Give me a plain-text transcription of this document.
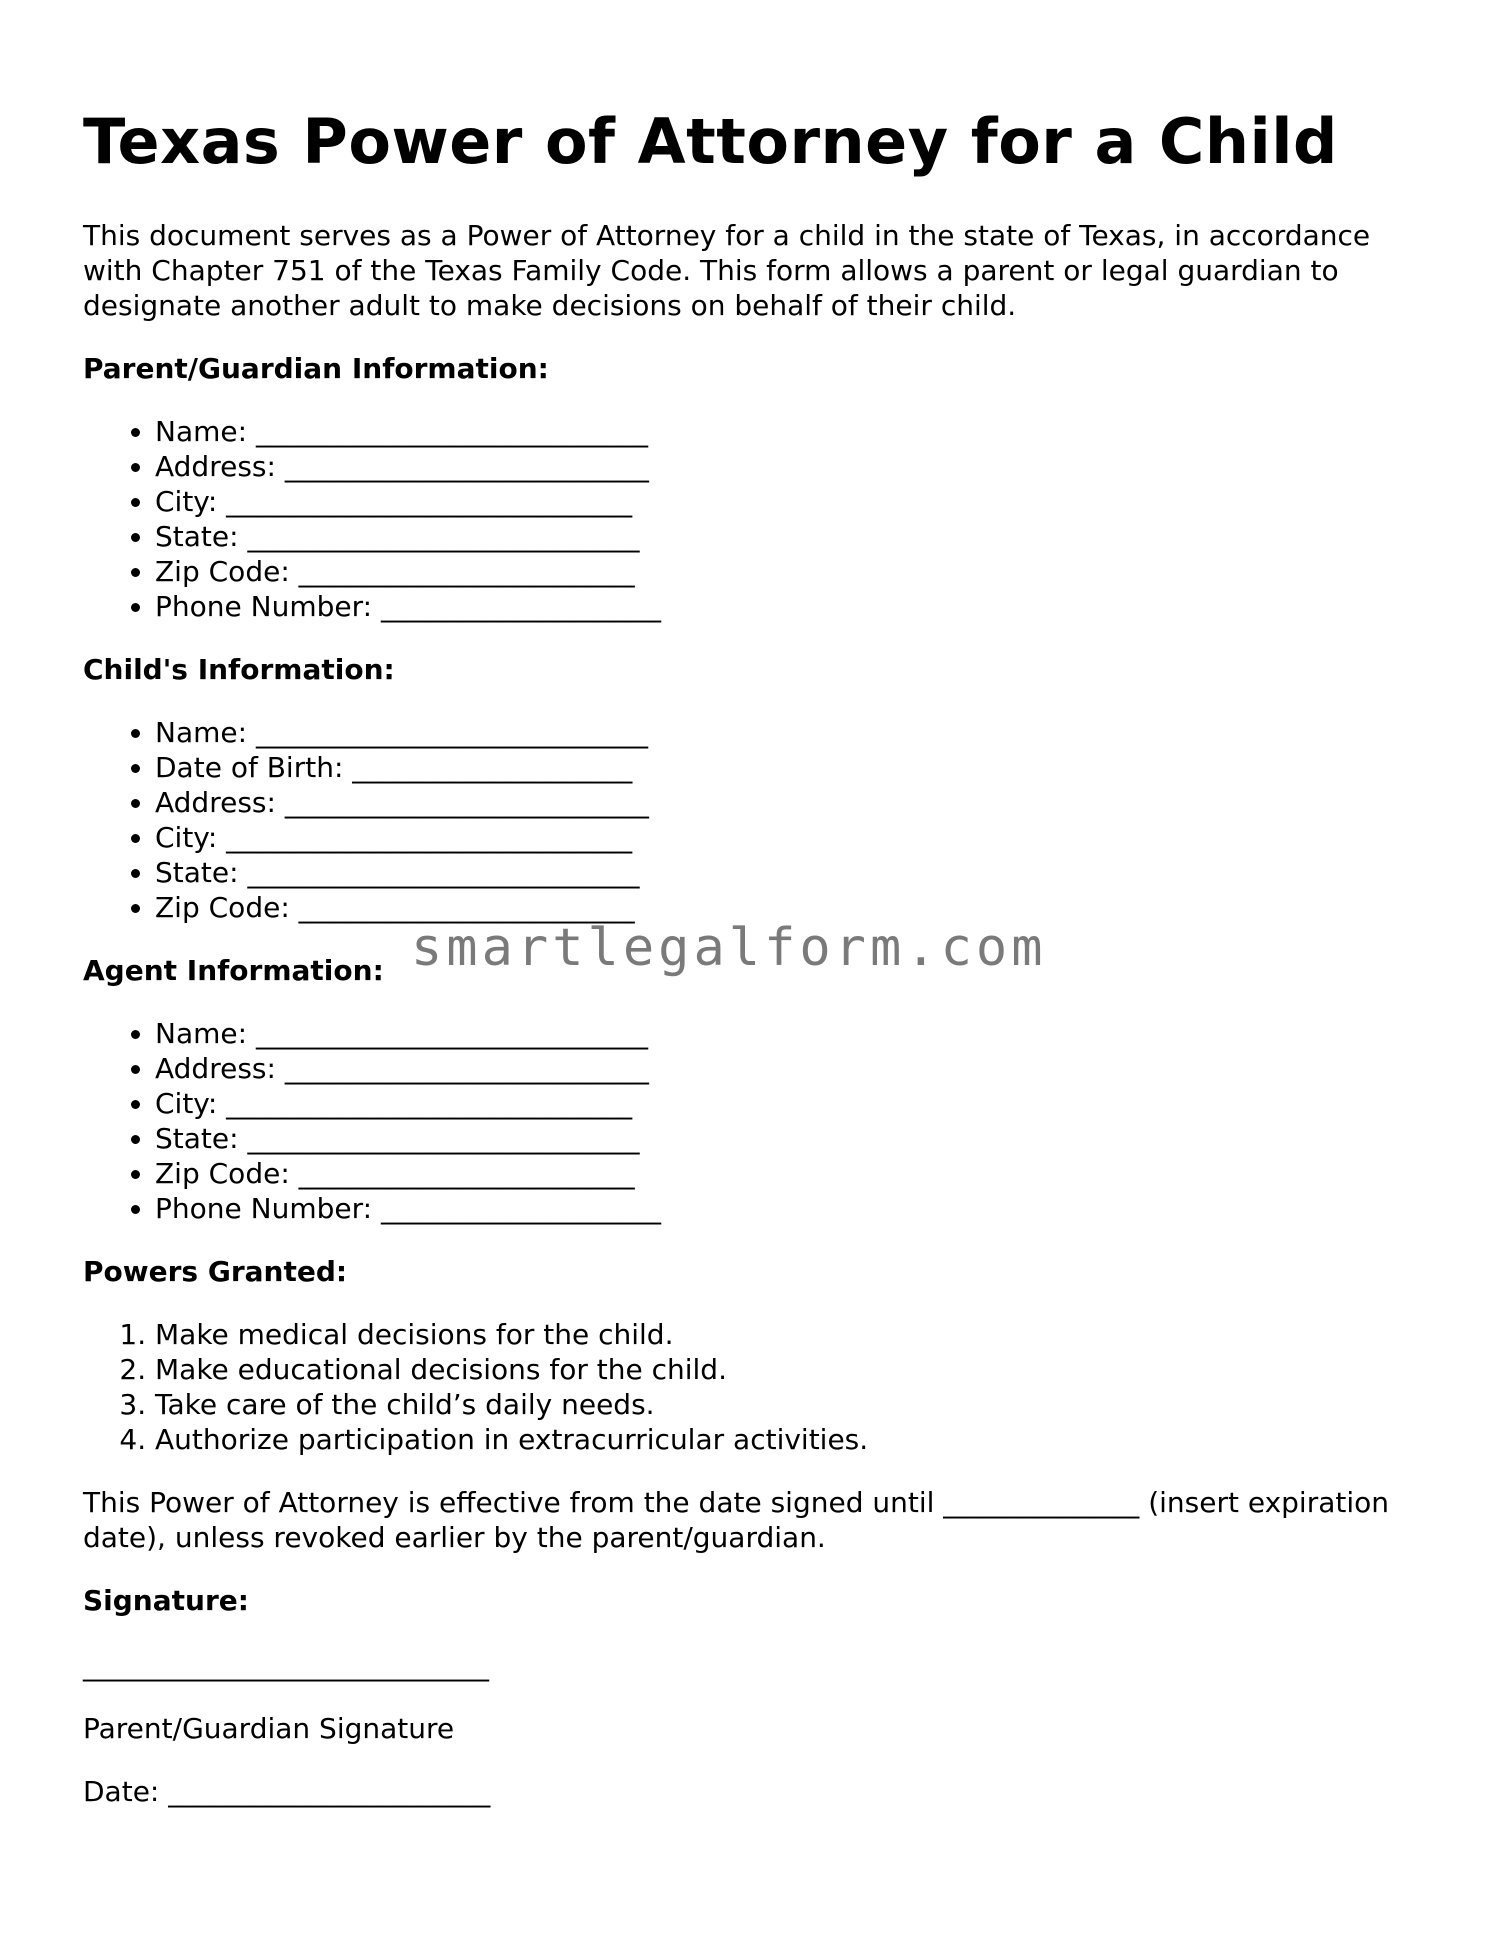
Texas Power of Attorney for a Child

This document serves as a Power of Attorney for a child in the state of Texas, in accordance with Chapter 751 of the Texas Family Code. This form allows a parent or legal guardian to designate another adult to make decisions on behalf of their child.

Parent/Guardian Information:
• Name: ____________________________
• Address: __________________________
• City: _____________________________
• State: ____________________________
• Zip Code: ________________________
• Phone Number: ____________________
Child's Information:
• Name: ____________________________
• Date of Birth: ____________________
• Address: __________________________
• City: _____________________________
• State: ____________________________
• Zip Code: ________________________
Agent Information: smartlegalform.com
• Name: ____________________________
• Address: __________________________
• City: _____________________________
• State: ____________________________
• Zip Code: ________________________
• Phone Number: ____________________
Powers Granted:
1. Make medical decisions for the child.
2. Make educational decisions for the child.
3. Take care of the child’s daily needs.
4. Authorize participation in extracurricular activities.

This Power of Attorney is effective from the date signed until ______________ (insert expiration date), unless revoked earlier by the parent/guardian.

Signature:
_____________________________

Parent/Guardian Signature

Date: _______________________
